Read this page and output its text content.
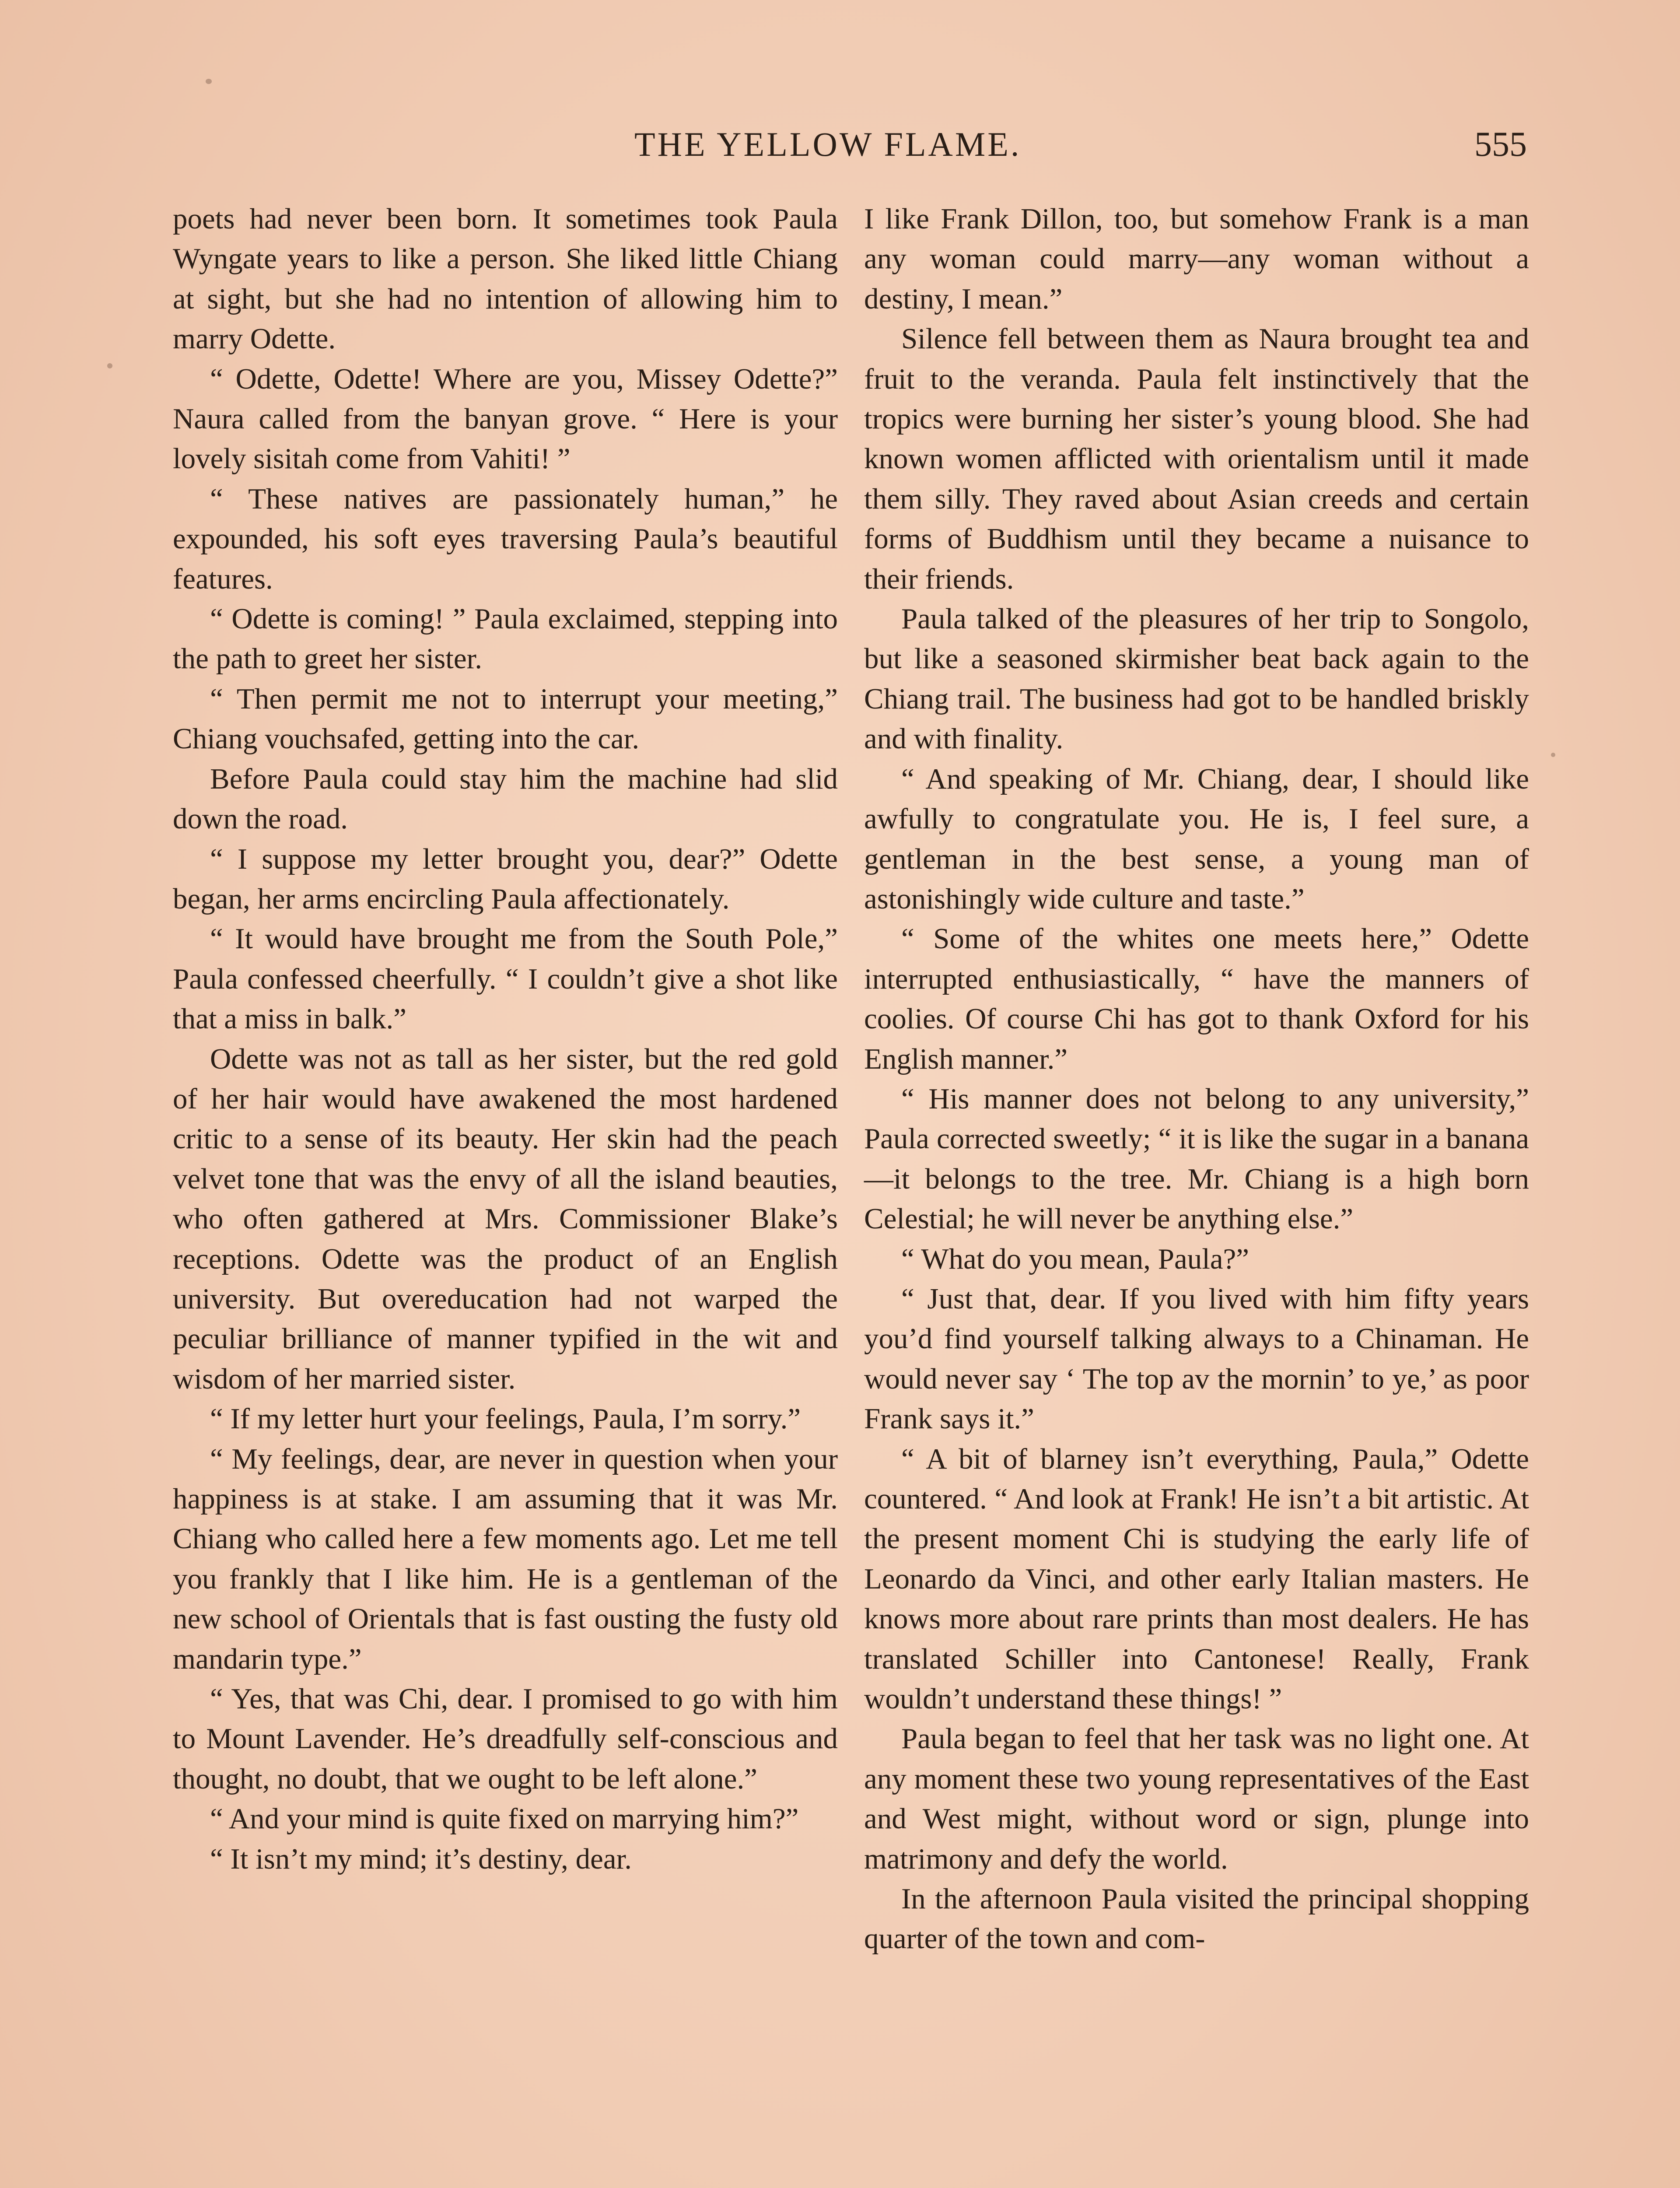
THE YELLOW FLAME.	555

poets had never been born. It sometimes took Paula Wyngate years to like a person. She liked little Chiang at sight, but she had no intention of allowing him to marry Odette.

“ Odette, Odette! Where are you, Missey Odette?” Naura called from the banyan grove. “ Here is your lovely sisitah come from Vahiti! ”

“ These natives are passionately human,” he expounded, his soft eyes traversing Paula’s beautiful features.

“ Odette is coming! ” Paula exclaimed, stepping into the path to greet her sister.

“ Then permit me not to interrupt your meeting,” Chiang vouchsafed, getting into the car.

Before Paula could stay him the machine had slid down the road.

“ I suppose my letter brought you, dear?” Odette began, her arms encircling Paula affectionately.

“ It would have brought me from the South Pole,” Paula confessed cheerfully. “ I couldn’t give a shot like that a miss in balk.”

Odette was not as tall as her sister, but the red gold of her hair would have awakened the most hardened critic to a sense of its beauty. Her skin had the peach velvet tone that was the envy of all the island beauties, who often gathered at Mrs. Commissioner Blake’s receptions. Odette was the product of an English university. But overeducation had not warped the peculiar brilliance of manner typified in the wit and wisdom of her married sister.

“ If my letter hurt your feelings, Paula, I’m sorry.”

“ My feelings, dear, are never in question when your happiness is at stake. I am assuming that it was Mr. Chiang who called here a few moments ago. Let me tell you frankly that I like him. He is a gentleman of the new school of Orientals that is fast ousting the fusty old mandarin type.”

“ Yes, that was Chi, dear. I promised to go with him to Mount Lavender. He’s dreadfully self-conscious and thought, no doubt, that we ought to be left alone.”

“ And your mind is quite fixed on marrying him?”

“ It isn’t my mind; it’s destiny, dear.

I like Frank Dillon, too, but somehow Frank is a man any woman could marry—any woman without a destiny, I mean.”

Silence fell between them as Naura brought tea and fruit to the veranda. Paula felt instinctively that the tropics were burning her sister’s young blood. She had known women afflicted with orientalism until it made them silly. They raved about Asian creeds and certain forms of Buddhism until they became a nuisance to their friends.

Paula talked of the pleasures of her trip to Songolo, but like a seasoned skirmisher beat back again to the Chiang trail. The business had got to be handled briskly and with finality.

“ And speaking of Mr. Chiang, dear, I should like awfully to congratulate you. He is, I feel sure, a gentleman in the best sense, a young man of astonishingly wide culture and taste.”

“ Some of the whites one meets here,” Odette interrupted enthusiastically, “ have the manners of coolies. Of course Chi has got to thank Oxford for his English manner.”

“ His manner does not belong to any university,” Paula corrected sweetly; “ it is like the sugar in a banana—it belongs to the tree. Mr. Chiang is a high born Celestial; he will never be anything else.”

“ What do you mean, Paula?”

“ Just that, dear. If you lived with him fifty years you’d find yourself talking always to a Chinaman. He would never say ‘ The top av the mornin’ to ye,’ as poor Frank says it.”

“ A bit of blarney isn’t everything, Paula,” Odette countered. “ And look at Frank! He isn’t a bit artistic. At the present moment Chi is studying the early life of Leonardo da Vinci, and other early Italian masters. He knows more about rare prints than most dealers. He has translated Schiller into Cantonese! Really, Frank wouldn’t understand these things! ”

Paula began to feel that her task was no light one. At any moment these two young representatives of the East and West might, without word or sign, plunge into matrimony and defy the world.

In the afternoon Paula visited the principal shopping quarter of the town and com-
